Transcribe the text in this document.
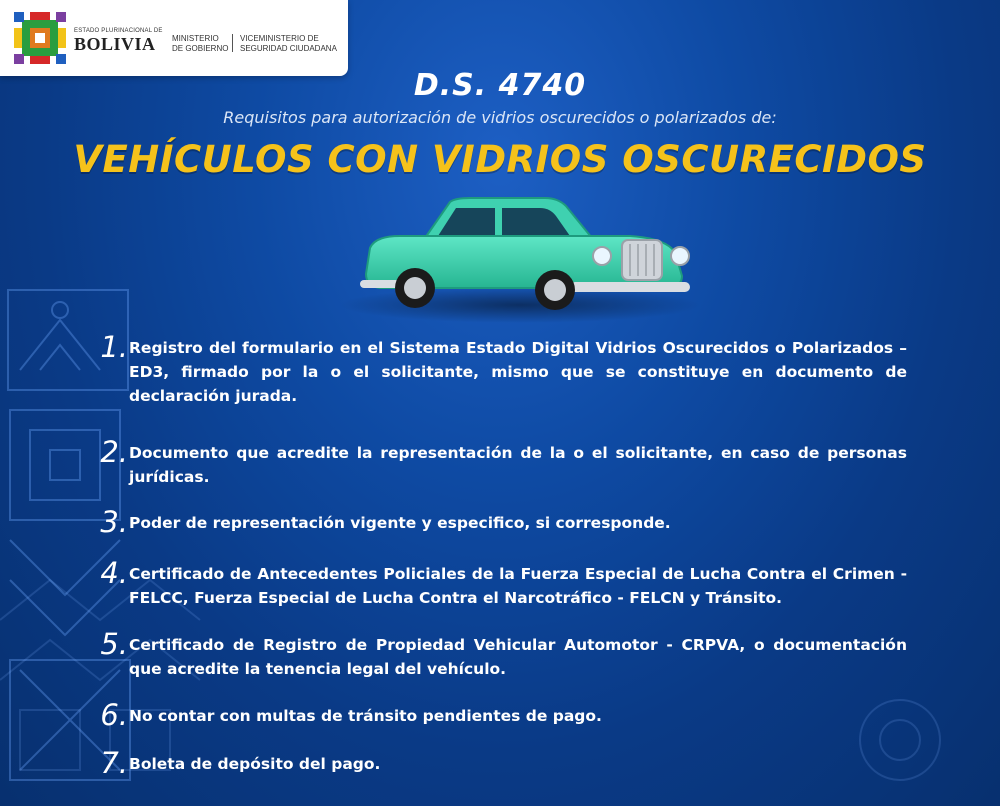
ESTADO PLURINACIONAL DE
BOLIVIA MINISTERIO
DE GOBIERNO
VICEMINISTERIO DE
SEGURIDAD CIUDADANA
D.S. 4740
Requisitos para autorización de vidrios oscurecidos o polarizados de:
VEHÍCULOS CON VIDRIOS OSCURECIDOS
1. Registro del formulario en el Sistema Estado Digital Vidrios Oscurecidos o Polarizados – ED3, firmado por la o el solicitante, mismo que se constituye en documento de declaración jurada.
2. Documento que acredite la representación de la o el solicitante, en caso de personas jurídicas.
3. Poder de representación vigente y especifico, si corresponde.
4. Certificado de Antecedentes Policiales de la Fuerza Especial de Lucha Contra el Crimen - FELCC, Fuerza Especial de Lucha Contra el Narcotráfico - FELCN y Tránsito.
5. Certificado de Registro de Propiedad Vehicular Automotor - CRPVA, o documentación que acredite la tenencia legal del vehículo.
6. No contar con multas de tránsito pendientes de pago.
7. Boleta de depósito del pago.
